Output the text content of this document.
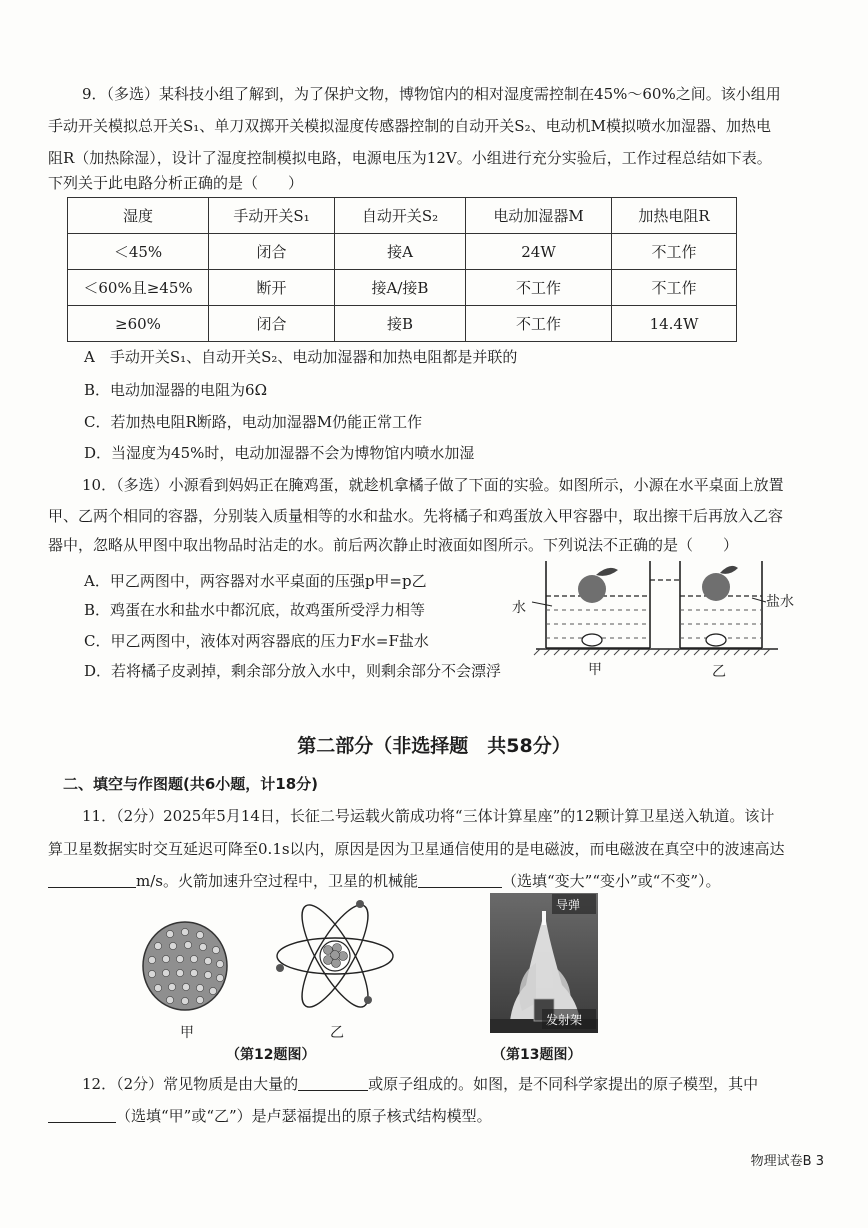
9．（多选）某科技小组了解到，为了保护文物，博物馆内的相对湿度需控制在45%～60%之间。该小组用
手动开关模拟总开关S₁、单刀双掷开关模拟湿度传感器控制的自动开关S₂、电动机M模拟喷水加湿器、加热电
阻R（加热除湿），设计了湿度控制模拟电路，电源电压为12V。小组进行充分实验后，工作过程总结如下表。
下列关于此电路分析正确的是（　　）
湿度	手动开关S₁	自动开关S₂	电动加湿器M	加热电阻R
＜45%	闭合	接A	24W	不工作
＜60%且≥45%	断开	接A/接B	不工作	不工作
≥60%	闭合	接B	不工作	14.4W
A　手动开关S₁、自动开关S₂、电动加湿器和加热电阻都是并联的
B．电动加湿器的电阻为6Ω
C．若加热电阻R断路，电动加湿器M仍能正常工作
D．当湿度为45%时，电动加湿器不会为博物馆内喷水加湿
10．（多选）小源看到妈妈正在腌鸡蛋，就趁机拿橘子做了下面的实验。如图所示，小源在水平桌面上放置
甲、乙两个相同的容器，分别装入质量相等的水和盐水。先将橘子和鸡蛋放入甲容器中，取出擦干后再放入乙容
器中，忽略从甲图中取出物品时沾走的水。前后两次静止时液面如图所示。下列说法不正确的是（　　）
A．甲乙两图中，两容器对水平桌面的压强p甲=p乙
B．鸡蛋在水和盐水中都沉底，故鸡蛋所受浮力相等
C．甲乙两图中，液体对两容器底的压力F水=F盐水
D．若将橘子皮剥掉，剩余部分放入水中，则剩余部分不会漂浮
水	盐水
甲	乙
第二部分（非选择题　共58分）
二、填空与作图题(共6小题，计18分)
11．（2分）2025年5月14日，长征二号运载火箭成功将“三体计算星座”的12颗计算卫星送入轨道。该计
算卫星数据实时交互延迟可降至0.1s以内，原因是因为卫星通信使用的是电磁波，而电磁波在真空中的波速高达
m/s。火箭加速升空过程中，卫星的机械能	（选填“变大”“变小”或“不变”）。
甲	乙
（第12题图）
导弹
发射架
（第13题图）
12．（2分）常见物质是由大量的	或原子组成的。如图，是不同科学家提出的原子模型，其中
（选填“甲”或“乙”）是卢瑟福提出的原子核式结构模型。
物理试卷B 3
